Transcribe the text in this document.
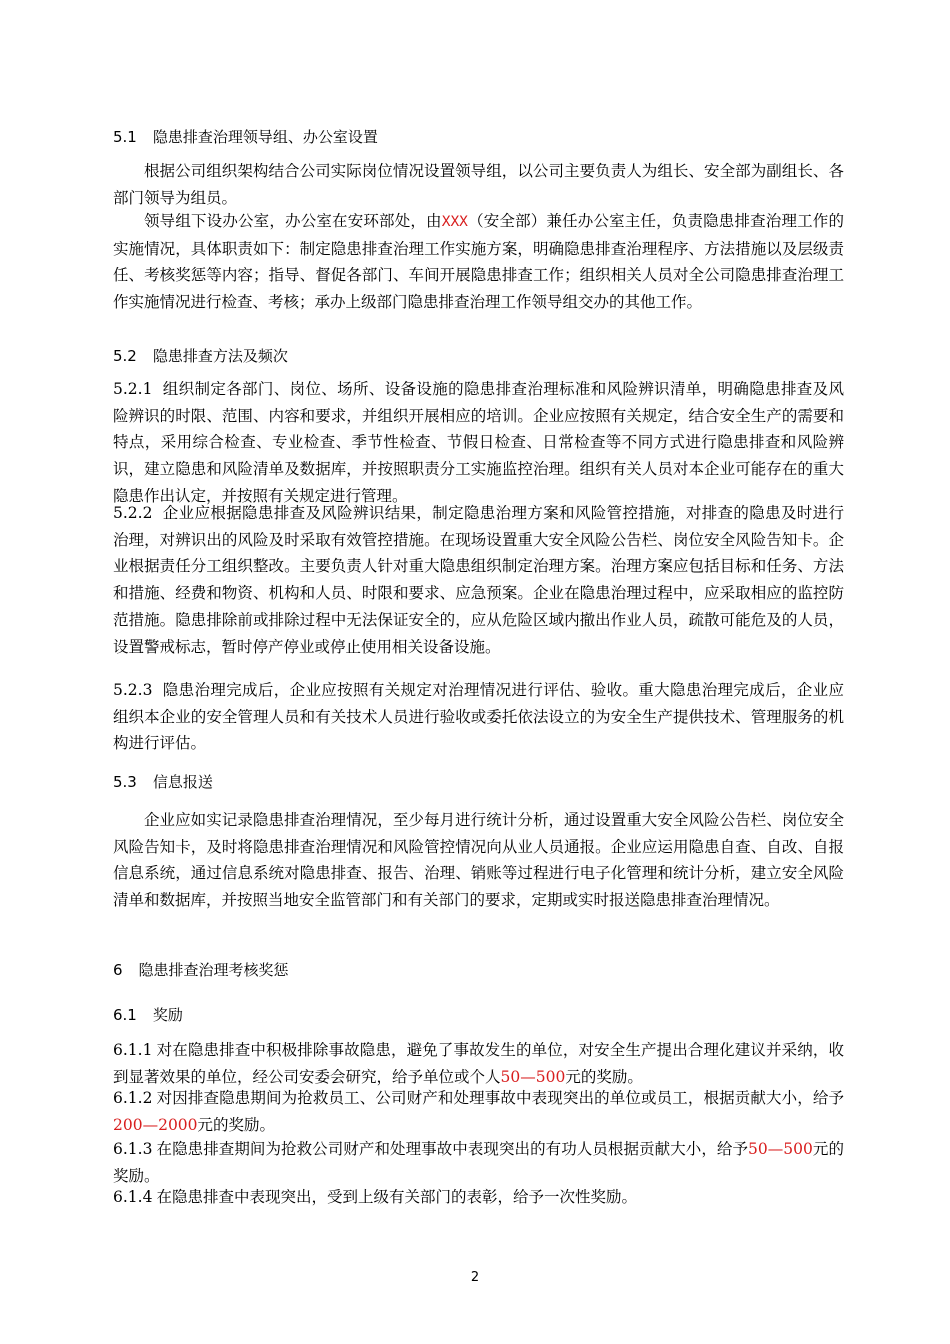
5.1 隐患排查治理领导组、办公室设置

根据公司组织架构结合公司实际岗位情况设置领导组，以公司主要负责人为组长、安全部为副组长、各部门领导为组员。

领导组下设办公室，办公室在安环部处，由XXX（安全部）兼任办公室主任，负责隐患排查治理工作的实施情况，具体职责如下：制定隐患排查治理工作实施方案，明确隐患排查治理程序、方法措施以及层级责任、考核奖惩等内容；指导、督促各部门、车间开展隐患排查工作；组织相关人员对全公司隐患排查治理工作实施情况进行检查、考核；承办上级部门隐患排查治理工作领导组交办的其他工作。

5.2 隐患排查方法及频次

5.2.1 组织制定各部门、岗位、场所、设备设施的隐患排查治理标准和风险辨识清单，明确隐患排查及风险辨识的时限、范围、内容和要求，并组织开展相应的培训。企业应按照有关规定，结合安全生产的需要和特点，采用综合检查、专业检查、季节性检查、节假日检查、日常检查等不同方式进行隐患排查和风险辨识，建立隐患和风险清单及数据库，并按照职责分工实施监控治理。组织有关人员对本企业可能存在的重大隐患作出认定，并按照有关规定进行管理。

5.2.2 企业应根据隐患排查及风险辨识结果，制定隐患治理方案和风险管控措施，对排查的隐患及时进行治理，对辨识出的风险及时采取有效管控措施。在现场设置重大安全风险公告栏、岗位安全风险告知卡。企业根据责任分工组织整改。主要负责人针对重大隐患组织制定治理方案。治理方案应包括目标和任务、方法和措施、经费和物资、机构和人员、时限和要求、应急预案。企业在隐患治理过程中，应采取相应的监控防范措施。隐患排除前或排除过程中无法保证安全的，应从危险区域内撤出作业人员，疏散可能危及的人员，设置警戒标志，暂时停产停业或停止使用相关设备设施。

5.2.3 隐患治理完成后，企业应按照有关规定对治理情况进行评估、验收。重大隐患治理完成后，企业应组织本企业的安全管理人员和有关技术人员进行验收或委托依法设立的为安全生产提供技术、管理服务的机构进行评估。

5.3 信息报送

企业应如实记录隐患排查治理情况，至少每月进行统计分析，通过设置重大安全风险公告栏、岗位安全风险告知卡，及时将隐患排查治理情况和风险管控情况向从业人员通报。企业应运用隐患自查、自改、自报信息系统，通过信息系统对隐患排查、报告、治理、销账等过程进行电子化管理和统计分析，建立安全风险清单和数据库，并按照当地安全监管部门和有关部门的要求，定期或实时报送隐患排查治理情况。

6 隐患排查治理考核奖惩
6.1 奖励

6.1.1 对在隐患排查中积极排除事故隐患，避免了事故发生的单位，对安全生产提出合理化建议并采纳，收到显著效果的单位，经公司安委会研究，给予单位或个人50—500元的奖励。

6.1.2 对因排查隐患期间为抢救员工、公司财产和处理事故中表现突出的单位或员工，根据贡献大小，给予200—2000元的奖励。

6.1.3 在隐患排查期间为抢救公司财产和处理事故中表现突出的有功人员根据贡献大小，给予50—500元的奖励。

6.1.4 在隐患排查中表现突出，受到上级有关部门的表彰，给予一次性奖励。

2
